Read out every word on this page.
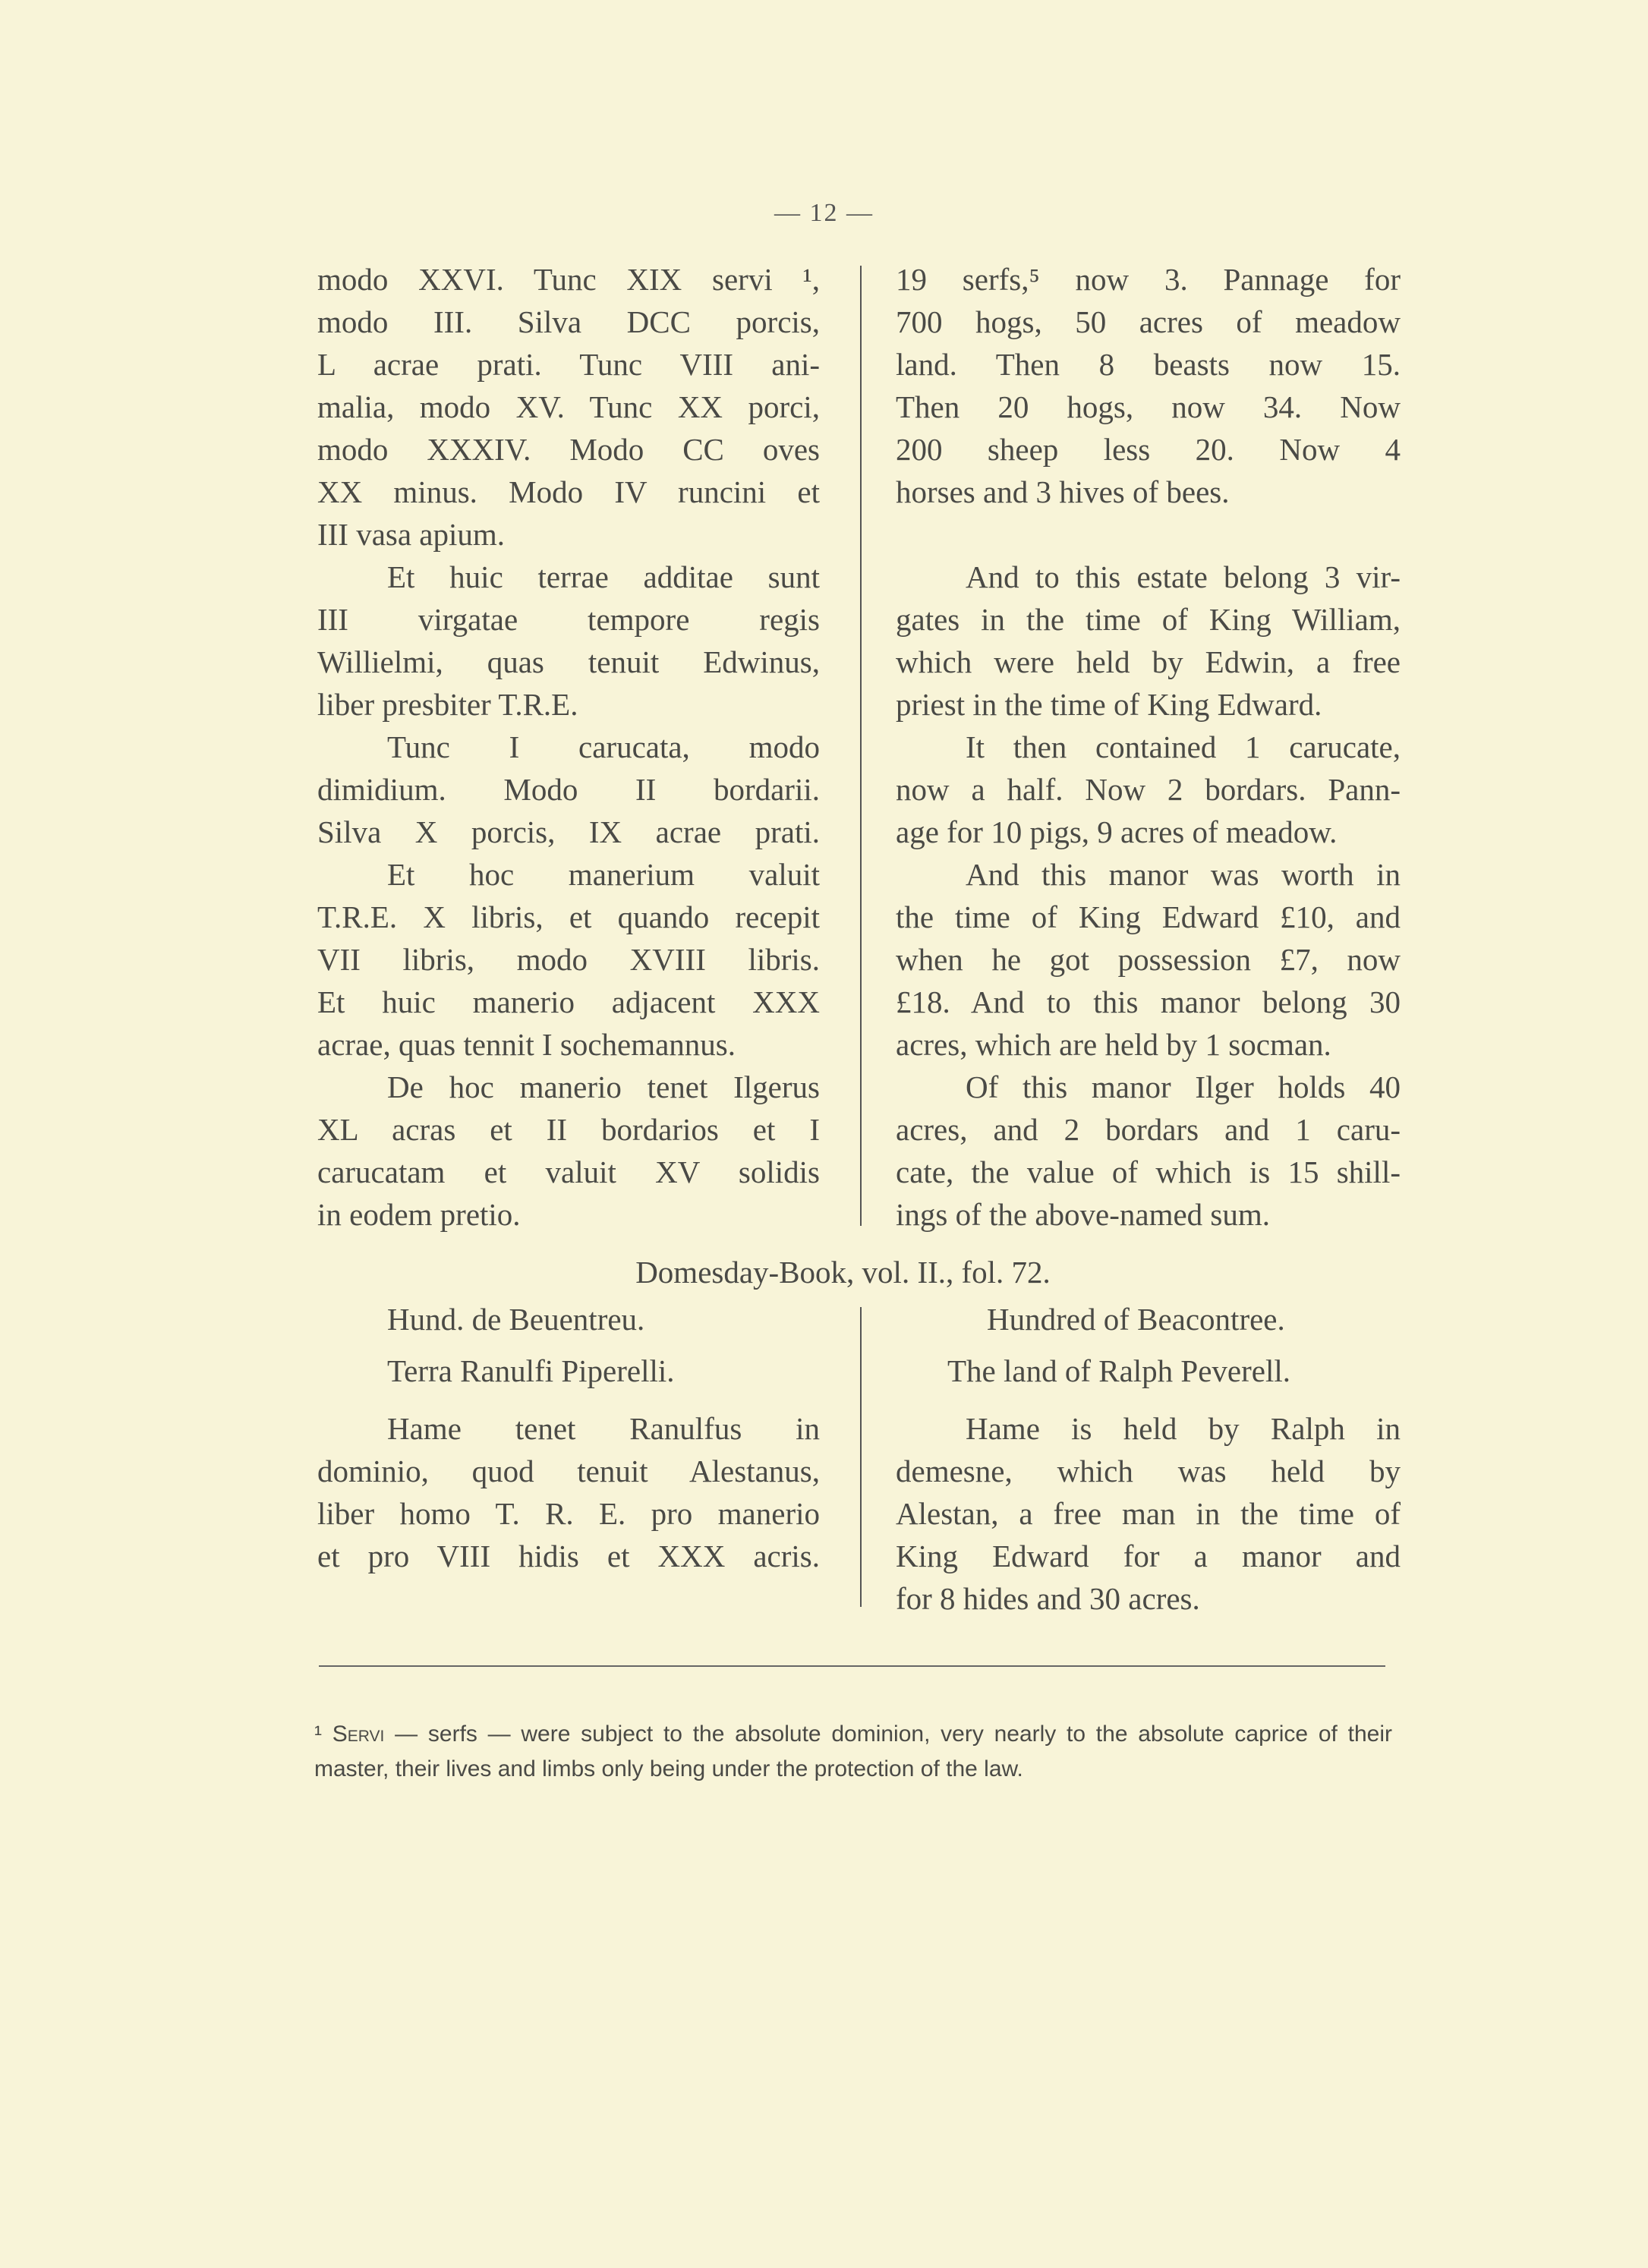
— 12 —

modo XXVI. Tunc XIX servi ¹,

modo III. Silva DCC porcis,

L acrae prati. Tunc VIII ani-

malia, modo XV. Tunc XX porci,

modo XXXIV. Modo CC oves

XX minus. Modo IV runcini et

III vasa apium.

Et huic terrae additae sunt

III virgatae tempore regis

Willielmi, quas tenuit Edwinus,

liber presbiter T.R.E.

Tunc I carucata, modo

dimidium. Modo II bordarii.

Silva X porcis, IX acrae prati.

Et hoc manerium valuit

T.R.E. X libris, et quando recepit

VII libris, modo XVIII libris.

Et huic manerio adjacent XXX

acrae, quas tennit I sochemannus.

De hoc manerio tenet Ilgerus

XL acras et II bordarios et I

carucatam et valuit XV solidis

in eodem pretio.

19 serfs,⁵ now 3. Pannage for

700 hogs, 50 acres of meadow

land. Then 8 beasts now 15.

Then 20 hogs, now 34. Now

200 sheep less 20. Now 4

horses and 3 hives of bees.

And to this estate belong 3 vir-

gates in the time of King William,

which were held by Edwin, a free

priest in the time of King Edward.

It then contained 1 carucate,

now a half. Now 2 bordars. Pann-

age for 10 pigs, 9 acres of meadow.

And this manor was worth in

the time of King Edward £10, and

when he got possession £7, now

£18. And to this manor belong 30

acres, which are held by 1 socman.

Of this manor Ilger holds 40

acres, and 2 bordars and 1 caru-

cate, the value of which is 15 shill-

ings of the above-named sum.

Domesday-Book, vol. II., fol. 72.

Hund. de Beuentreu.

Terra Ranulfi Piperelli.

Hame tenet Ranulfus in

dominio, quod tenuit Alestanus,

liber homo T. R. E. pro manerio

et pro VIII hidis et XXX acris.

Hundred of Beacontree.

The land of Ralph Peverell.

Hame is held by Ralph in

demesne, which was held by

Alestan, a free man in the time of

King Edward for a manor and

for 8 hides and 30 acres.

¹ Servi — serfs — were subject to the absolute dominion, very nearly to the absolute caprice of their master, their lives and limbs only being under the protection of the law.
